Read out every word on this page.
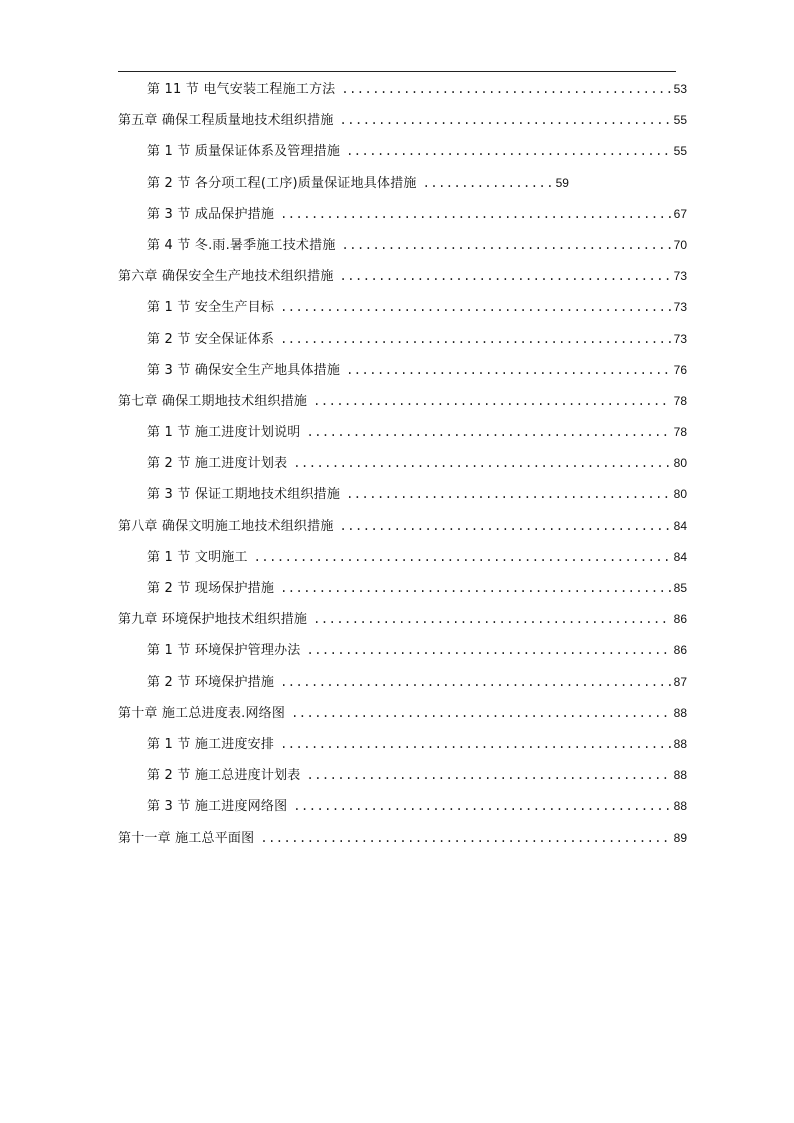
第 11 节 电气安装工程施工方法 .....	53
第五章 确保工程质量地技术组织措施 .....	55
第 1 节 质量保证体系及管理措施 .....	55
第 2 节 各分项工程(工序)质量保证地具体措施 .....	59
第 3 节 成品保护措施 .....	67
第 4 节 冬.雨.暑季施工技术措施 .....	70
第六章 确保安全生产地技术组织措施 .....	73
第 1 节 安全生产目标 .....	73
第 2 节 安全保证体系 .....	73
第 3 节 确保安全生产地具体措施 .....	76
第七章 确保工期地技术组织措施 .....	78
第 1 节 施工进度计划说明 .....	78
第 2 节 施工进度计划表 .....	80
第 3 节 保证工期地技术组织措施 .....	80
第八章 确保文明施工地技术组织措施 .....	84
第 1 节 文明施工 .....	84
第 2 节 现场保护措施 .....	85
第九章 环境保护地技术组织措施 .....	86
第 1 节 环境保护管理办法 .....	86
第 2 节 环境保护措施 .....	87
第十章 施工总进度表.网络图 .....	88
第 1 节 施工进度安排 .....	88
第 2 节 施工总进度计划表 .....	88
第 3 节 施工进度网络图 .....	88
第十一章 施工总平面图 .....	89
